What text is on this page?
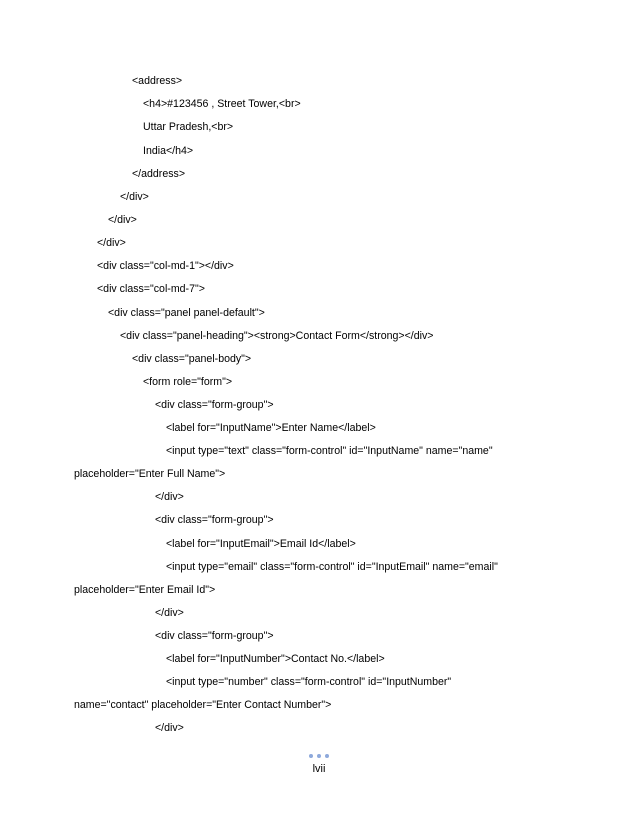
<address>
<h4>#123456 , Street Tower,<br>
Uttar Pradesh,<br>
India</h4>
</address>
</div>
</div>
</div>
<div class="col-md-1"></div>
<div class="col-md-7">
<div class="panel panel-default">
<div class="panel-heading"><strong>Contact Form</strong></div>
<div class="panel-body">
<form role="form">
<div class="form-group">
<label for="InputName">Enter Name</label>
<input type="text" class="form-control" id="InputName" name="name"
placeholder="Enter Full Name">
</div>
<div class="form-group">
<label for="InputEmail">Email Id</label>
<input type="email" class="form-control" id="InputEmail" name="email"
placeholder="Enter Email Id">
</div>
<div class="form-group">
<label for="InputNumber">Contact No.</label>
<input type="number" class="form-control" id="InputNumber"
name="contact" placeholder="Enter Contact Number">
</div>
lvii
